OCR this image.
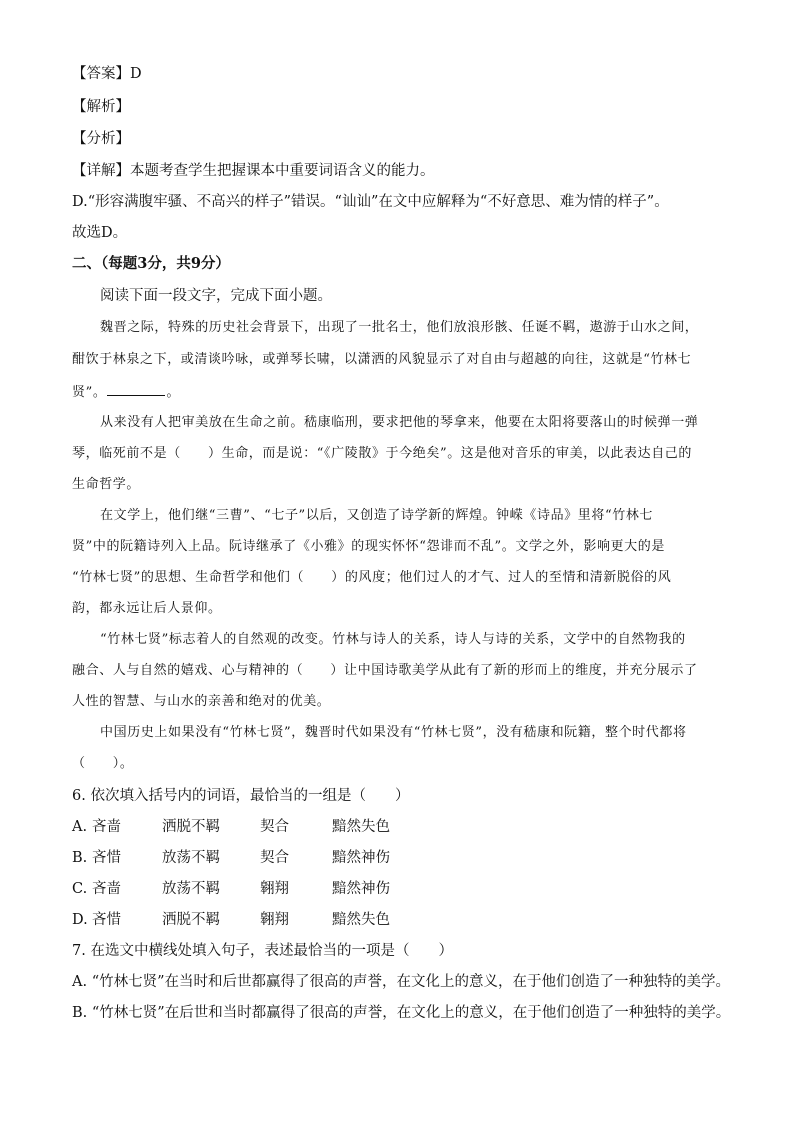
【答案】D
【解析】
【分析】
【详解】本题考查学生把握课本中重要词语含义的能力。
D.“形容满腹牢骚、不高兴的样子”错误。“讪讪”在文中应解释为“不好意思、难为情的样子”。
故选D。
二、（每题3分，共9分）
阅读下面一段文字，完成下面小题。
魏晋之际，特殊的历史社会背景下，出现了一批名士，他们放浪形骸、任诞不羁，遨游于山水之间，
酣饮于林泉之下，或清谈吟咏，或弹琴长啸，以潇洒的风貌显示了对自由与超越的向往，这就是“竹林七
贤”。	。
从来没有人把审美放在生命之前。嵇康临刑，要求把他的琴拿来，他要在太阳将要落山的时候弹一弹
琴，临死前不是（　　）生命，而是说：“《广陵散》于今绝矣”。这是他对音乐的审美，以此表达自己的
生命哲学。
在文学上，他们继“三曹”、“七子”以后，又创造了诗学新的辉煌。钟嵘《诗品》里将“竹林七
贤”中的阮籍诗列入上品。阮诗继承了《小雅》的现实怀怀“怨诽而不乱”。文学之外，影响更大的是
“竹林七贤”的思想、生命哲学和他们（　　）的风度；他们过人的才气、过人的至情和清新脱俗的风
韵，都永远让后人景仰。
“竹林七贤”标志着人的自然观的改变。竹林与诗人的关系，诗人与诗的关系，文学中的自然物我的
融合、人与自然的嬉戏、心与精神的（　　）让中国诗歌美学从此有了新的形而上的维度，并充分展示了
人性的智慧、与山水的亲善和绝对的优美。
中国历史上如果没有“竹林七贤”，魏晋时代如果没有“竹林七贤”，没有嵇康和阮籍，整个时代都将
（　　）。
6. 依次填入括号内的词语，最恰当的一组是（　　）
A. 吝啬	洒脱不羁	契合	黯然失色
B. 吝惜	放荡不羁	契合	黯然神伤
C. 吝啬	放荡不羁	翱翔	黯然神伤
D. 吝惜	洒脱不羁	翱翔	黯然失色
7. 在选文中横线处填入句子，表述最恰当的一项是（　　）
A. “竹林七贤”在当时和后世都赢得了很高的声誉，在文化上的意义，在于他们创造了一种独特的美学。
B. “竹林七贤”在后世和当时都赢得了很高的声誉，在文化上的意义，在于他们创造了一种独特的美学。
